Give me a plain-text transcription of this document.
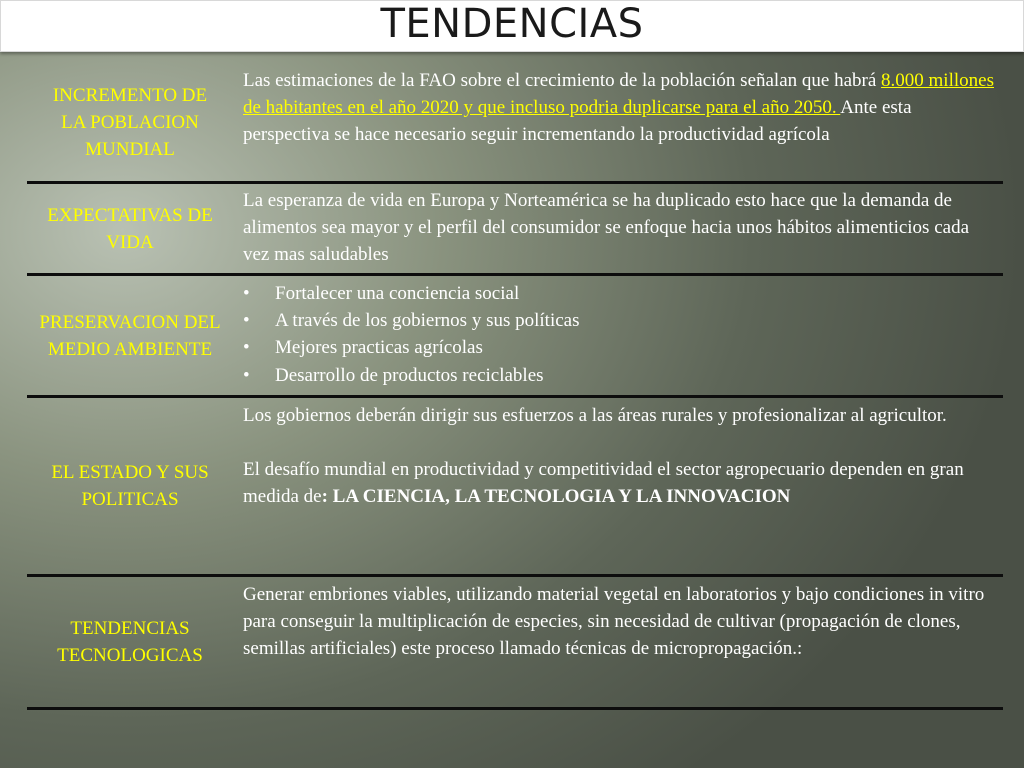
TENDENCIAS
INCREMENTO DE LA POBLACION MUNDIAL
Las estimaciones de la FAO sobre el crecimiento de la población señalan que habrá 8.000 millones de habitantes en el año 2020 y que incluso podria duplicarse para el año 2050. Ante esta perspectiva se hace necesario seguir incrementando la productividad agrícola
EXPECTATIVAS DE VIDA
La esperanza de vida en Europa y Norteamérica se ha duplicado esto hace que la demanda de alimentos sea mayor y el perfil del consumidor se enfoque hacia unos hábitos alimenticios cada vez mas saludables
PRESERVACION DEL MEDIO AMBIENTE
• Fortalecer una conciencia social
• A través de los gobiernos y sus políticas
• Mejores practicas agrícolas
• Desarrollo de productos reciclables
EL ESTADO Y SUS POLITICAS
Los gobiernos deberán dirigir sus esfuerzos a las áreas rurales y profesionalizar al agricultor.
El desafío mundial en productividad y competitividad el sector agropecuario dependen en gran medida de: LA CIENCIA, LA TECNOLOGIA Y LA INNOVACION
TENDENCIAS TECNOLOGICAS
Generar embriones viables, utilizando material vegetal en laboratorios y bajo condiciones in vitro para conseguir la multiplicación de especies, sin necesidad de cultivar (propagación de clones, semillas artificiales) este proceso llamado técnicas de micropropagación.:
